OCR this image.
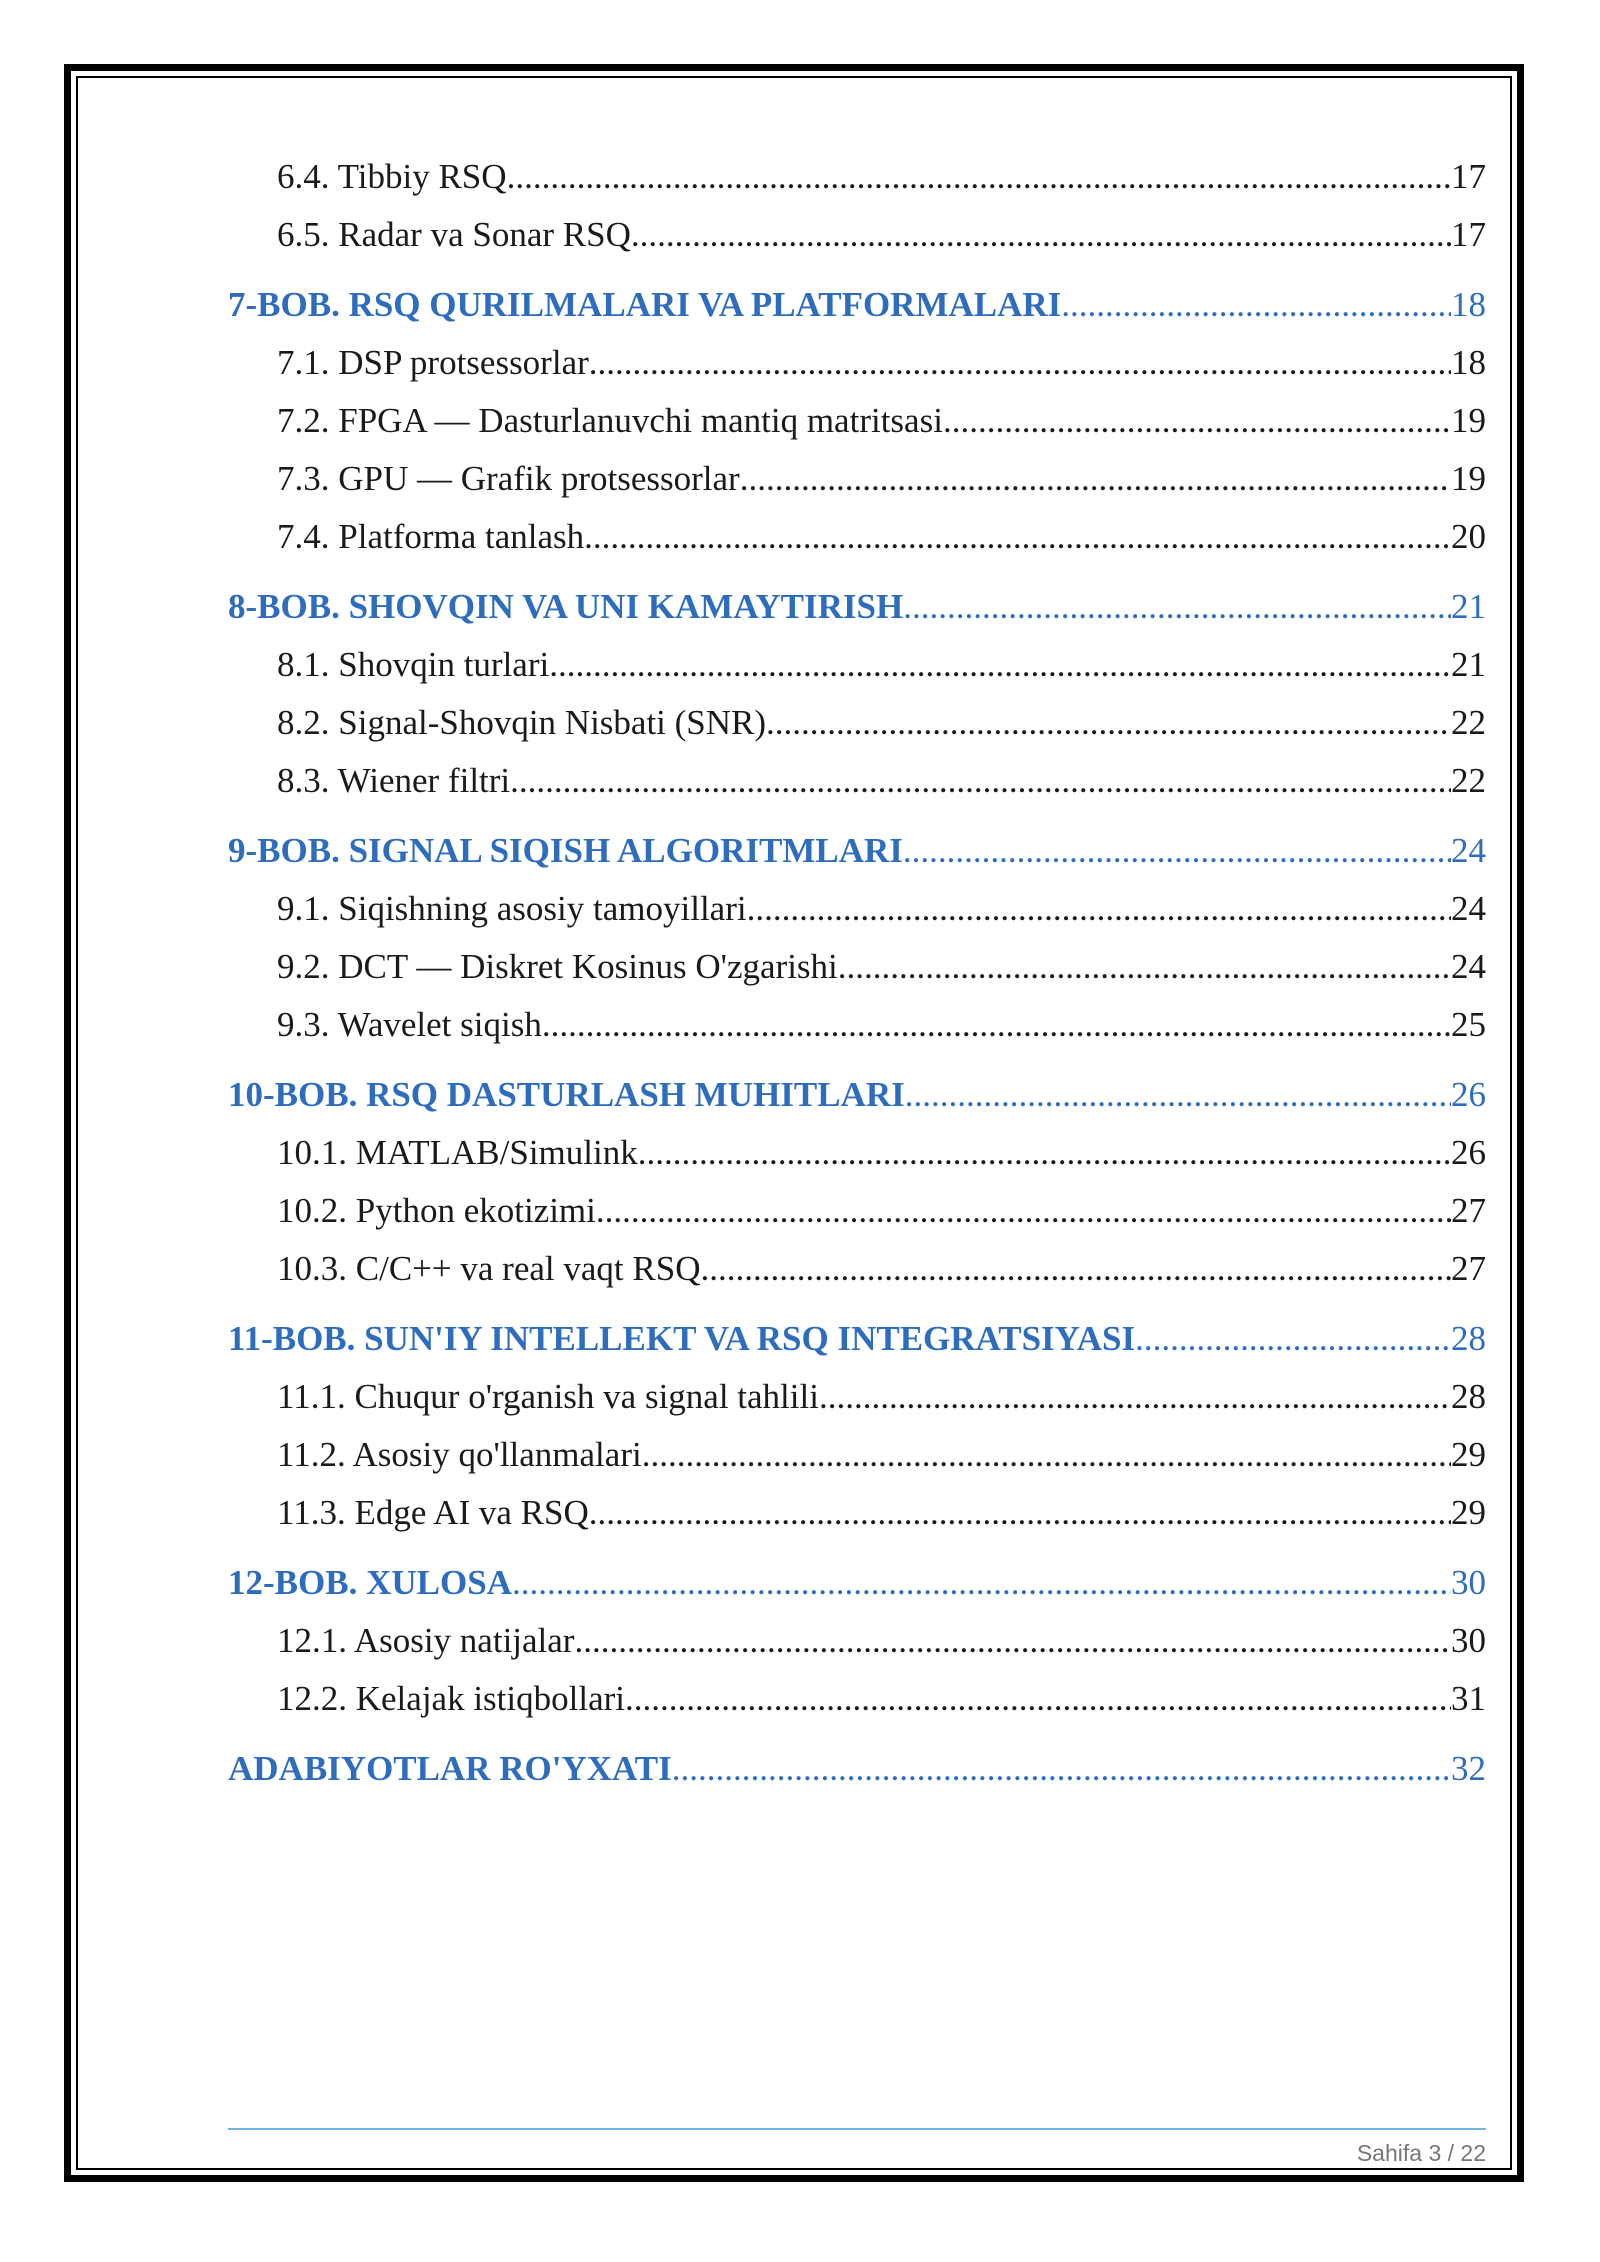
6.4. Tibbiy RSQ .....	17
6.5. Radar va Sonar RSQ .....	17
7-BOB. RSQ QURILMALARI VA PLATFORMALARI .....	18
7.1. DSP protsessorlar .....	18
7.2. FPGA — Dasturlanuvchi mantiq matritsasi .....	19
7.3. GPU — Grafik protsessorlar .....	19
7.4. Platforma tanlash .....	20
8-BOB. SHOVQIN VA UNI KAMAYTIRISH .....	21
8.1. Shovqin turlari .....	21
8.2. Signal-Shovqin Nisbati (SNR) .....	22
8.3. Wiener filtri .....	22
9-BOB. SIGNAL SIQISH ALGORITMLARI .....	24
9.1. Siqishning asosiy tamoyillari .....	24
9.2. DCT — Diskret Kosinus O'zgarishi .....	24
9.3. Wavelet siqish .....	25
10-BOB. RSQ DASTURLASH MUHITLARI .....	26
10.1. MATLAB/Simulink .....	26
10.2. Python ekotizimi .....	27
10.3. C/C++ va real vaqt RSQ .....	27
11-BOB. SUN'IY INTELLEKT VA RSQ INTEGRATSIYASI .....	28
11.1. Chuqur o'rganish va signal tahlili .....	28
11.2. Asosiy qo'llanmalari .....	29
11.3. Edge AI va RSQ .....	29
12-BOB. XULOSA .....	30
12.1. Asosiy natijalar .....	30
12.2. Kelajak istiqbollari .....	31
ADABIYOTLAR RO'YXATI .....	32
Sahifa 3 / 22
